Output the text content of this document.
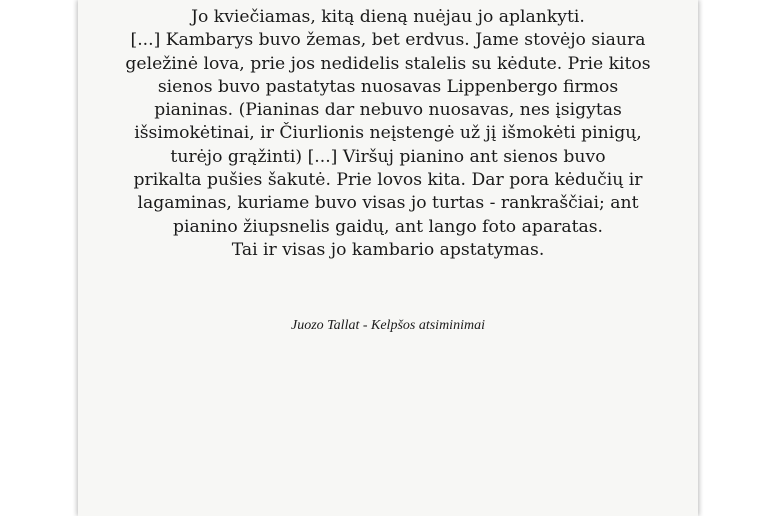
Jo kviečiamas, kitą dieną nuėjau jo aplankyti.
[...] Kambarys buvo žemas, bet erdvus. Jame stovėjo siaura
geležinė lova, prie jos nedidelis stalelis su kėdute. Prie kitos
sienos buvo pastatytas nuosavas Lippenbergo firmos
pianinas. (Pianinas dar nebuvo nuosavas, nes įsigytas
išsimokėtinai, ir Čiurlionis neįstengė už jį išmokėti pinigų,
turėjo grąžinti) [...] Viršuj pianino ant sienos buvo
prikalta pušies šakutė. Prie lovos kita. Dar pora kėdučių ir
lagaminas, kuriame buvo visas jo turtas - rankraščiai; ant
pianino žiupsnelis gaidų, ant lango foto aparatas.
Tai ir visas jo kambario apstatymas.

Juozo Tallat - Kelpšos atsiminimai
